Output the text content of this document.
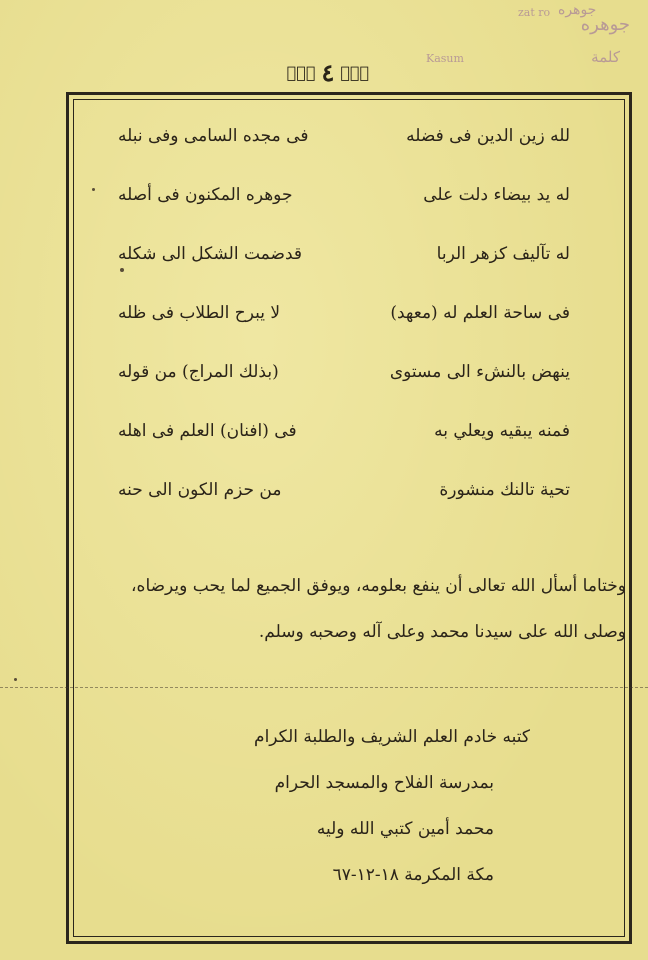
جوهره
كلمة
Kasum
zat ro جوهره
❧✠ฺ ٤ ✠ฺ☙
لله زين الدين فى فضله
فى مجده السامى وفى نبله
له يد بيضاء دلت على
جوهره المكنون فى أصله
له تآليف كزهر الربا
قدضمت الشكل الى شكله
فى ساحة العلم له (معهد)
لا يبرح الطلاب فى ظله
ينهض بالنشء الى مستوى
(بذلك المراج) من قوله
فمنه يبقيه ويعلي به
فى (افنان) العلم فى اهله
تحية تالنك منشورة
من حزم الكون الى حنه
وختاما أسأل الله تعالى أن ينفع بعلومه، ويوفق الجميع لما يحب ويرضاه،
وصلى الله على سيدنا محمد وعلى آله وصحبه وسلم.
كتبه خادم العلم الشريف والطلبة الكرام
بمدرسة الفلاح والمسجد الحرام
محمد أمين كتبي الله وليه
مكة المكرمة ١٨-١٢-٦٧
